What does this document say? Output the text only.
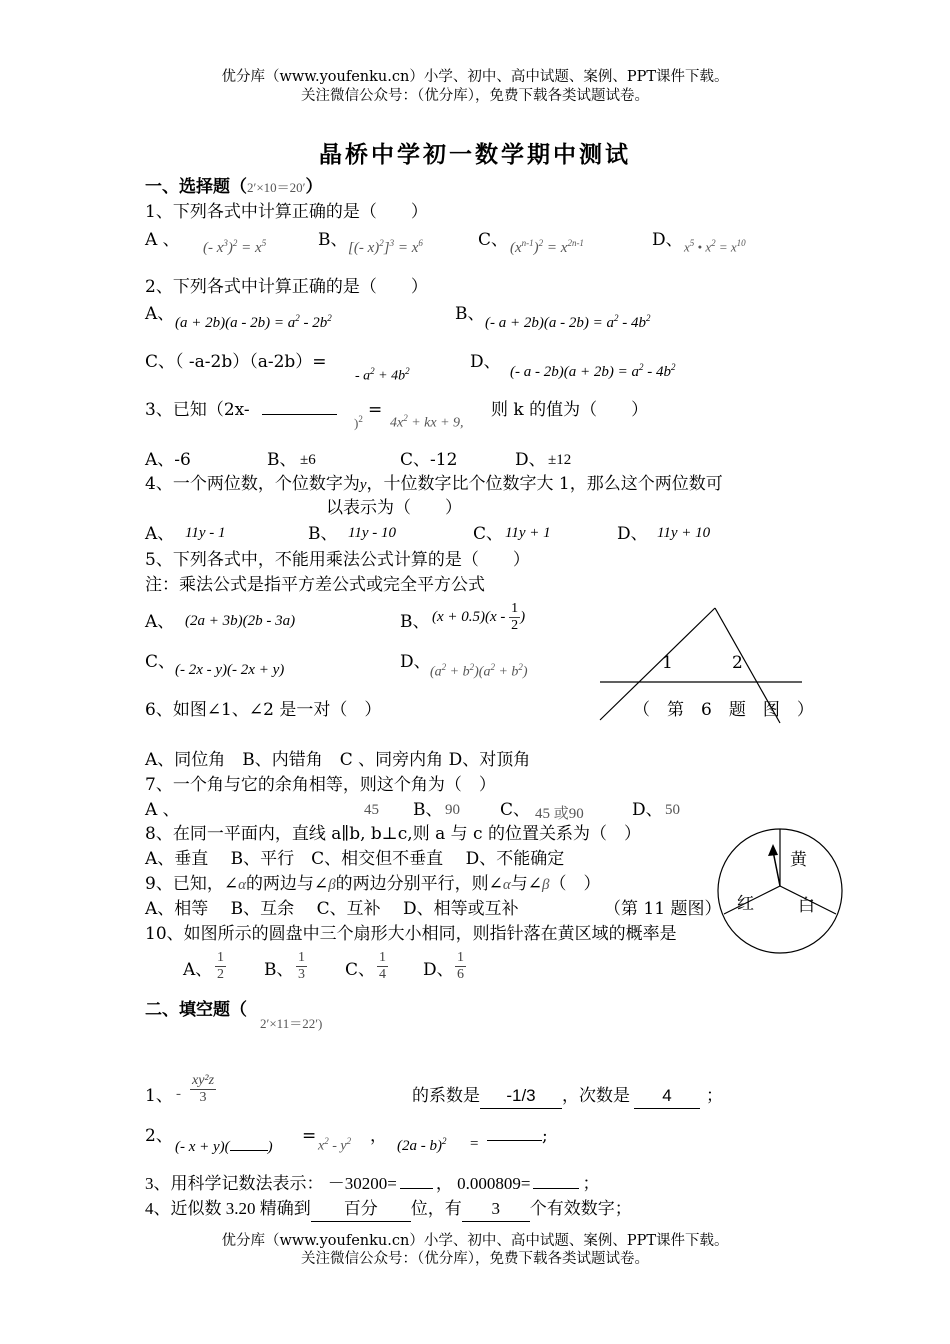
优分库（www.youfenku.cn）小学、初中、高中试题、案例、PPT课件下载。
关注微信公众号：（优分库），免费下载各类试题试卷。
晶桥中学初一数学期中测试
一、选择题（2′×10＝20′）
1、下列各式中计算正确的是（　　）
A 、 (- $x^3)^2 = x^5$	B、 [(- $x)^2]^3 = x^6$	C、 $(x^{n-1})^2 = x^{2n-1}$	D、 $x^5$ • $x^2 = x^{10}$
2、下列各式中计算正确的是（　　）
A、 $(a + 2b)(a - 2b) = a^2 - 2b^2$	B、 (- $a + 2b)(a - 2b) = a^2 - 4b^2$
C、（ -a-2b）（a-2b）=
- $a^2 + 4b^2$	D、 (- $a - 2b)(a + 2b) = a^2 - 4b^2$
3、已知（2x-
)$^2$ =
$4x^2$ + kx + 9,
则 k 的值为（　　）
A、-6	B、 ±6	C、-12	D、 ±12
4、一个两位数，个位数字为y，十位数字比个位数字大 1，那么这个两位数可
以表示为（　　）
A、 11y - 1	B、 11y - 10	C、 11y + 1	D、 11y + 10
5、下列各式中，不能用乘法公式计算的是（　　）
注：乘法公式是指平方差公式或完全平方公式
A、 (2a + 3b)(2b - 3a)	B、 $(x + 0.5)(x - \frac{1}{2}$ )
C、 (- 2x - y)(- 2x + y)	D、
$(a^2 + b^2)(a^2 + b^2)$	1	2
（　第　6　题　图　）
6、如图∠1、∠2 是一对（　）
A、同位角　B、内错角　C 、同旁内角 D、对顶角
7、一个角与它的余角相等，则这个角为（　）
A 、	45 B、 90 C、 45 或90	D、 50
8、在同一平面内，直线 a∥b, b⊥c,则 a 与 c 的位置关系为（　）
A、垂直　 B、平行　C、相交但不垂直　 D、不能确定	黄
红	白
9、已知，∠α的两边与∠β的两边分别平行，则∠α与∠β（　）
A、相等　 B、互余 　C、互补　 D、相等或互补	（第 11 题图）
10、如图所示的圆盘中三个扇形大小相同，则指针落在黄区域的概率是
A、 $\frac{1}{2}$ B、 $\frac{1}{3}$ C、 $\frac{1}{4}$ D、 $\frac{1}{6}$
二、填空题（
2′×11＝22′)
1、 - $\frac{\text{xy²z}}{3}$	的系数是 -1/3 ，次数是 4 ；
2、
(- x + y)(	)
=
$x^2 - y^2$ ， (2a - b)$^2$ =	;
3、用科学记数法表示： －30200= ， 0.000809=	；
4、近似数 3.20 精确到 百分 位，有 3 个有效数字；
优分库（www.youfenku.cn）小学、初中、高中试题、案例、PPT课件下载。
关注微信公众号：（优分库），免费下载各类试题试卷。
